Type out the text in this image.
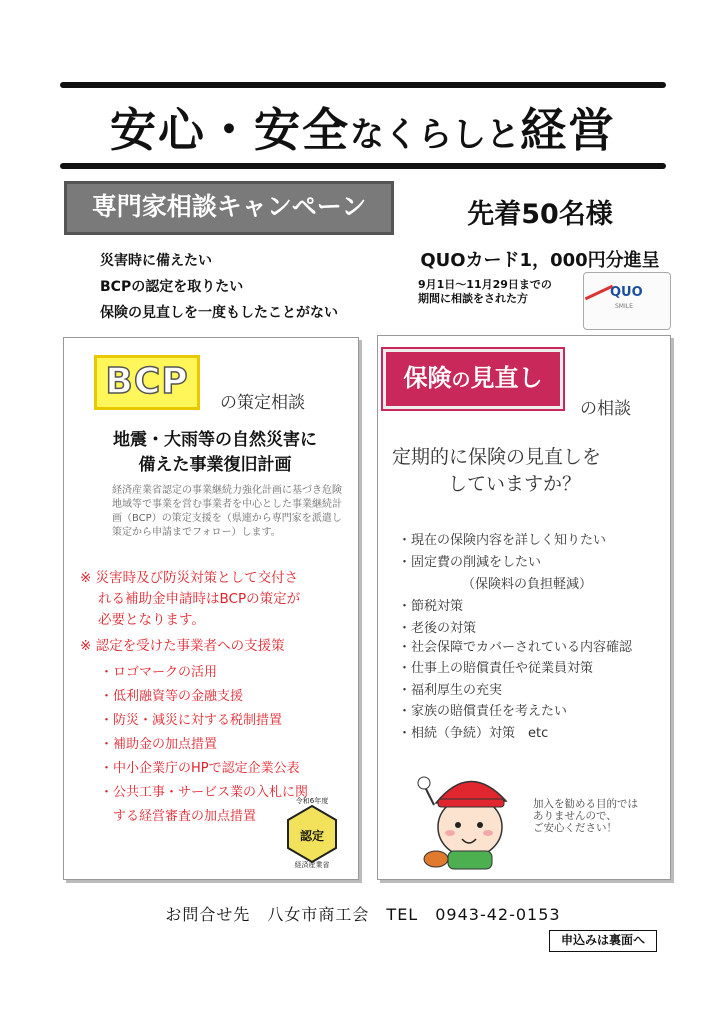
安心・安全なくらしと経営
専門家相談キャンペーン	先着50名様
QUOカード1，000円分進呈
災害時に備えたい
BCPの認定を取りたい
保険の見直しを一度もしたことがない
9月1日～11月29日までの
期間に相談をされた方	QUO
SMILE
BCP
の策定相談
地震・大雨等の自然災害に
備えた事業復旧計画
経済産業省認定の事業継続力強化計画に基づき危険地域等で事業を営む事業者を中心とした事業継続計画（BCP）の策定支援を（県連から専門家を派遣し策定から申請までフォロー）します。
※ 災害時及び防災対策として交付さ
れる補助金申請時はBCPの策定が
必要となります。
※ 認定を受けた事業者への支援策
・ロゴマークの活用
・低利融資等の金融支援
・防災・減災に対する税制措置
・補助金の加点措置
・中小企業庁のHPで認定企業公表
・公共工事・サービス業の入札に関
する経営審査の加点措置
令和6年度
認定
経済産業省
保険の見直し
の相談
定期的に保険の見直しを
していますか？
・現在の保険内容を詳しく知りたい
・固定費の削減をしたい
（保険料の負担軽減）
・節税対策
・老後の対策
・社会保障でカバーされている内容確認
・仕事上の賠償責任や従業員対策
・福利厚生の充実
・家族の賠償責任を考えたい
・相続（争続）対策　etc
加入を勧める目的では
ありませんので、
ご安心ください！
お問合せ先　八女市商工会　TEL　0943-42-0153
申込みは裏面へ
